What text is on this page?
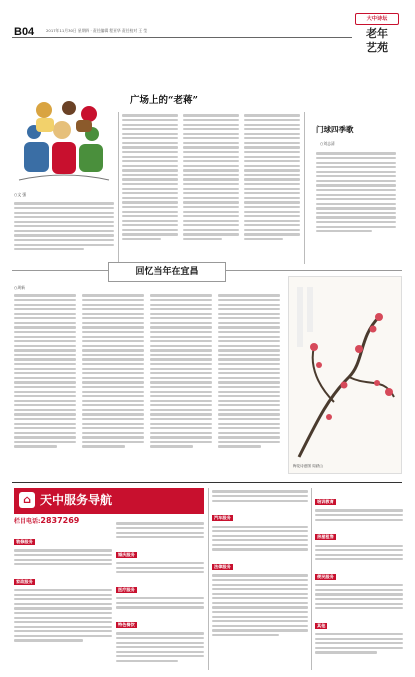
B04	2017年11月30日 星期四 · 责任编辑 程亚华 责任校对 王 莹
大中诗坛
老年
艺苑
广场上的“老蒋”
○文 强
门球四季歌
○刘志清
回忆当年在宜昌
○周新
梅花诗意图 周跃山
⌂ 天中服务导航
栏目电话:2837269
装修服务
家政服务
婚庆服务
医疗服务
特色餐饮
汽车服务
法律服务
培训教育
房屋租售
便民服务
其他
